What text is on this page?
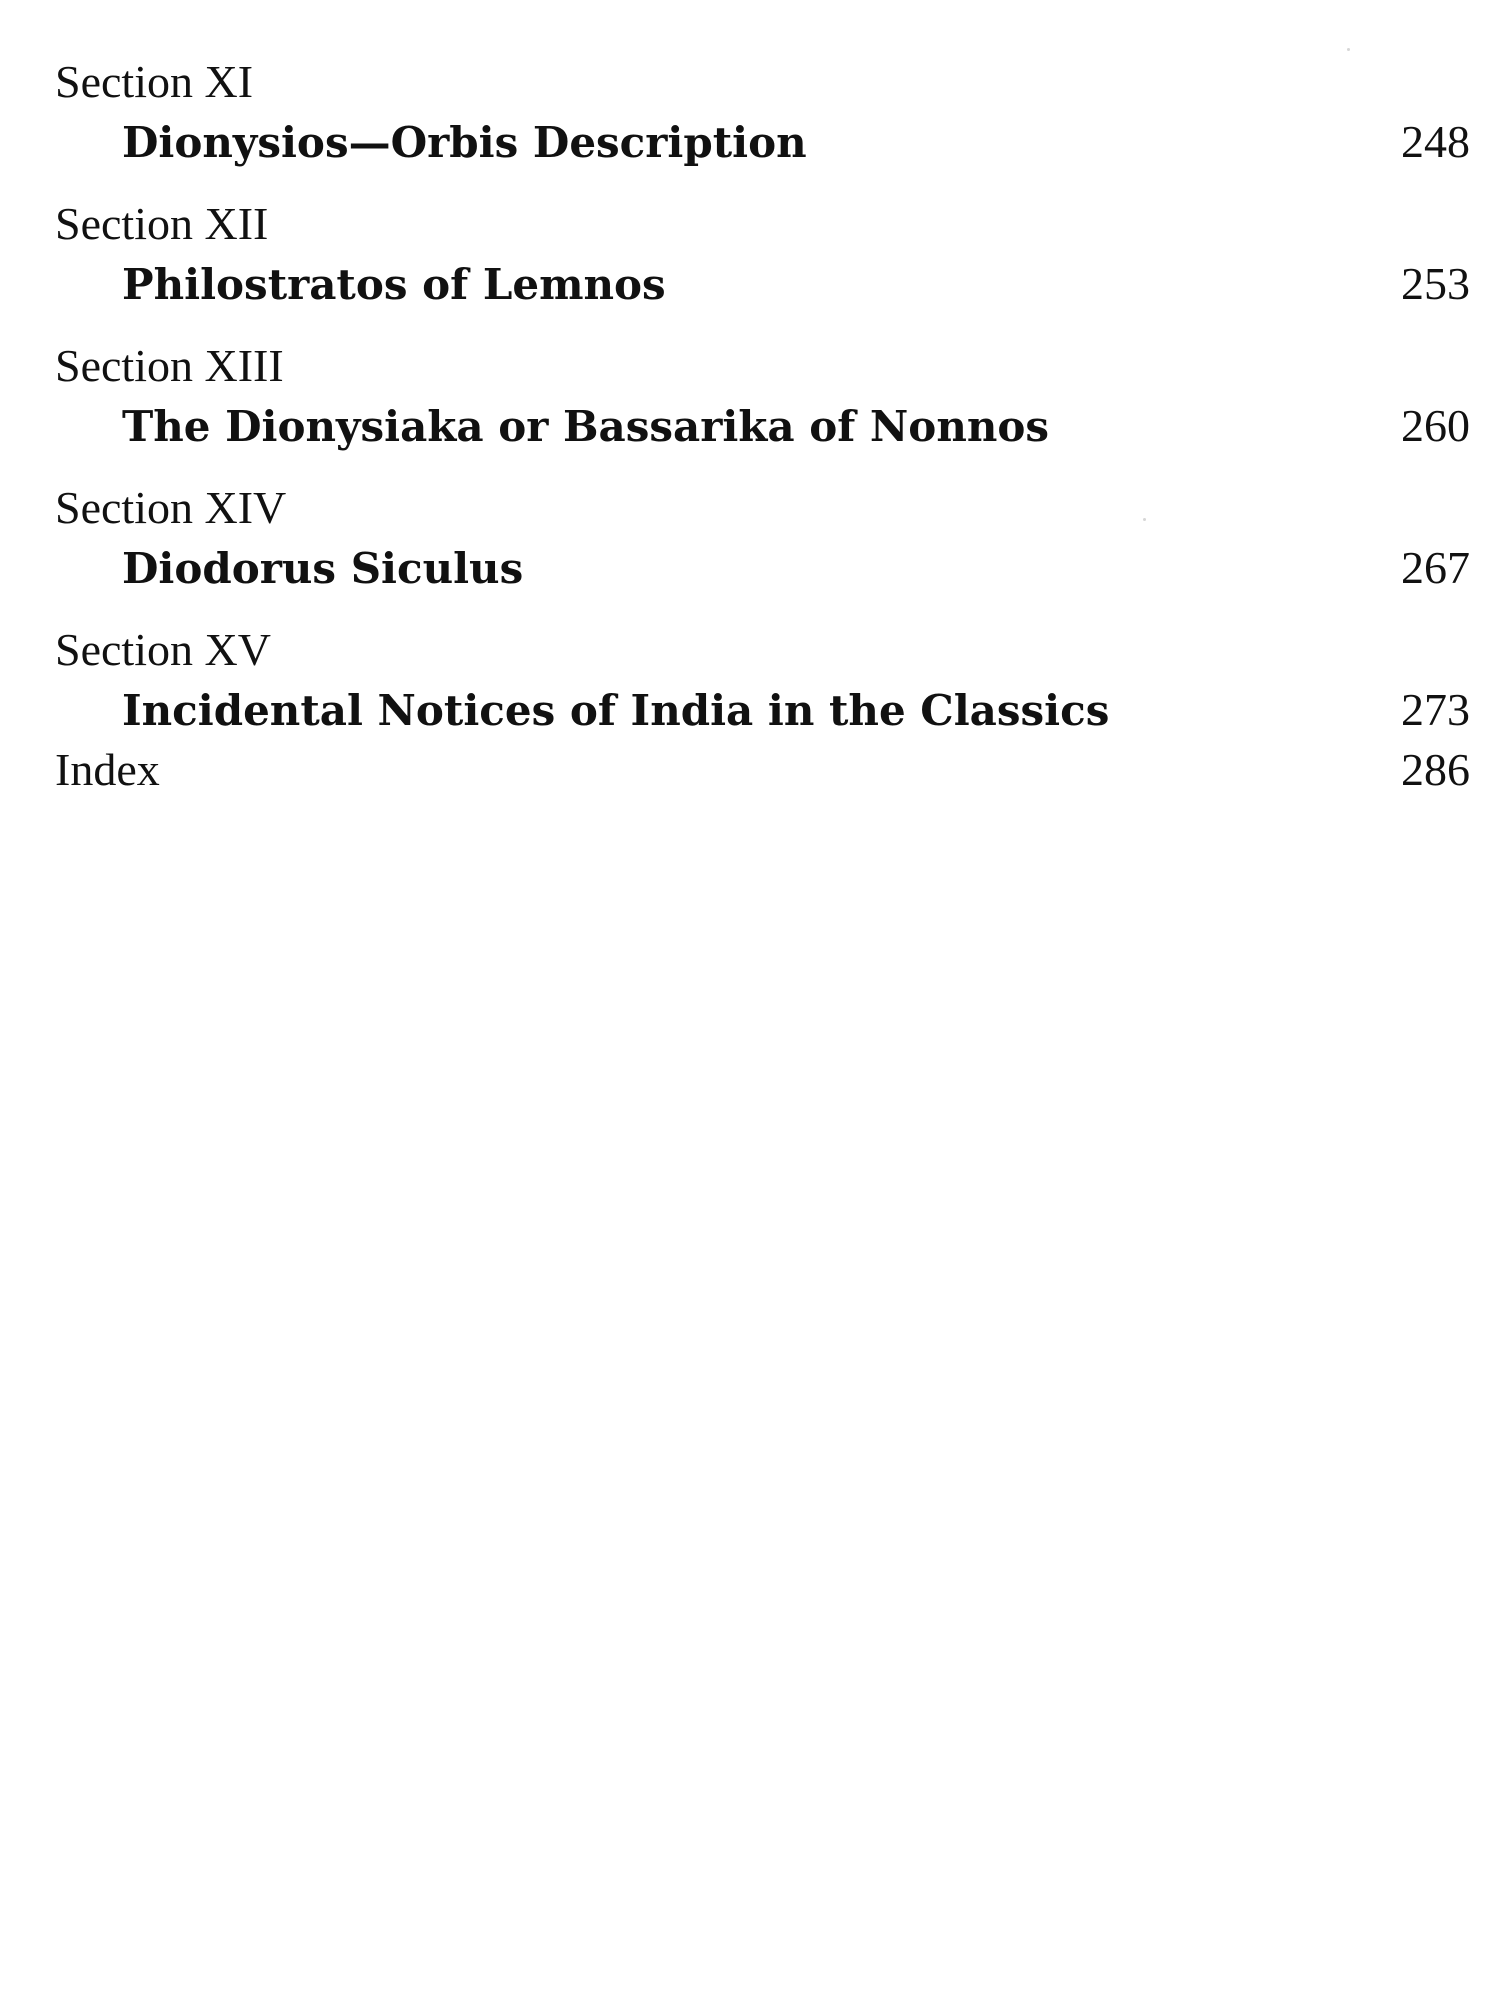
Section XI
Dionysios—Orbis Description	248
Section XII
Philostratos of Lemnos	253
Section XIII
The Dionysiaka or Bassarika of Nonnos	260
Section XIV
Diodorus Siculus	267
Section XV
Incidental Notices of India in the Classics	273
Index	286
